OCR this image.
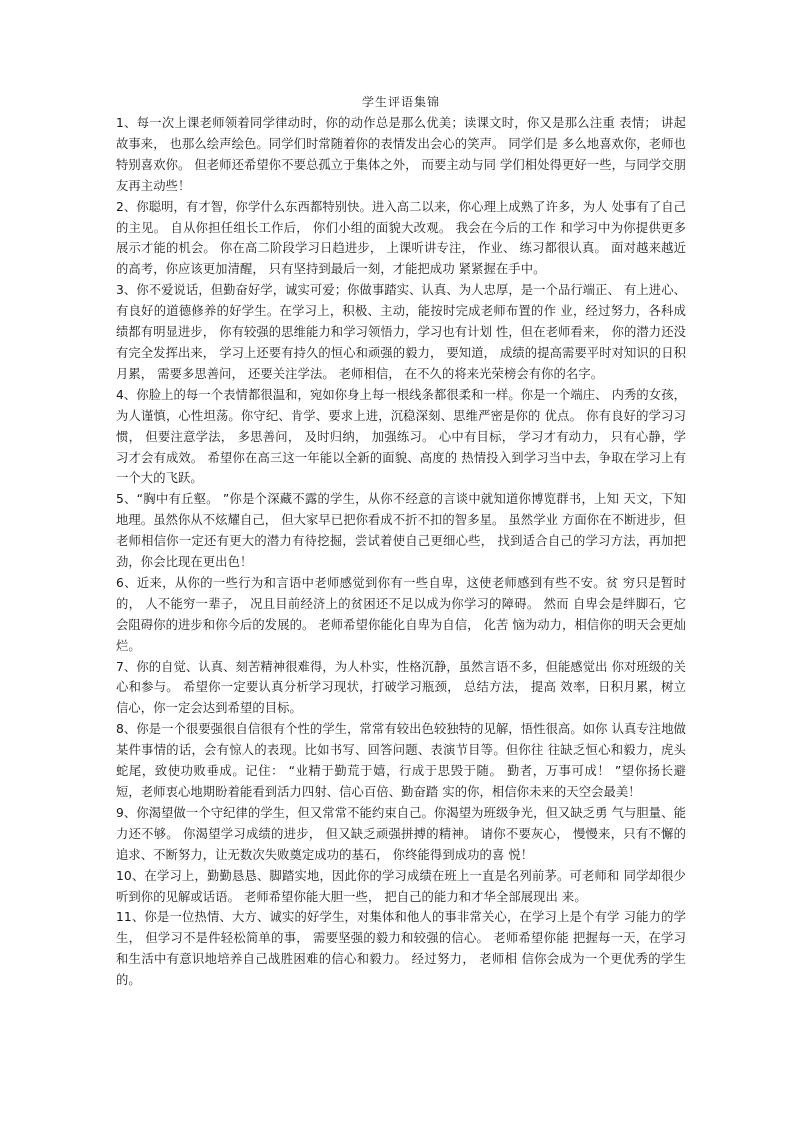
学生评语集锦

1、每一次上课老师领着同学律动时，你的动作总是那么优美；读课文时，你又是那么注重 表情； 讲起故事来， 也那么绘声绘色。同学们时常随着你的表情发出会心的笑声。 同学们是 多么地喜欢你，老师也特别喜欢你。 但老师还希望你不要总孤立于集体之外， 而要主动与同 学们相处得更好一些，与同学交朋友再主动些！

2、你聪明，有才智，你学什么东西都特别快。进入高二以来，你心理上成熟了许多，为人 处事有了自己的主见。 自从你担任组长工作后， 你们小组的面貌大改观。 我会在今后的工作 和学习中为你提供更多展示才能的机会。 你在高二阶段学习日趋进步， 上课听讲专注， 作业、 练习都很认真。 面对越来越近的高考，你应该更加清醒， 只有坚持到最后一刻，才能把成功 紧紧握在手中。

3、你不爱说话，但勤奋好学，诚实可爱；你做事踏实、认真、为人忠厚，是一个品行端正、 有上进心、有良好的道德修养的好学生。在学习上，积极、主动，能按时完成老师布置的作 业，经过努力，各科成绩都有明显进步， 你有较强的思维能力和学习领悟力，学习也有计划 性，但在老师看来， 你的潜力还没有完全发挥出来， 学习上还要有持久的恒心和顽强的毅力， 要知道， 成绩的提高需要平时对知识的日积月累， 需要多思善问， 还要关注学法。 老师相信， 在不久的将来光荣榜会有你的名字。

4、你脸上的每一个表情都很温和，宛如你身上每一根线条都很柔和一样。你是一个端庄、 内秀的女孩，为人谨慎，心性坦荡。你守纪、肯学、要求上进，沉稳深刻、思维严密是你的 优点。 你有良好的学习习惯， 但要注意学法， 多思善问， 及时归纳， 加强练习。 心中有目标， 学习才有动力， 只有心静，学习才会有成效。 希望你在高三这一年能以全新的面貌、高度的 热情投入到学习当中去，争取在学习上有一个大的飞跃。

5、“胸中有丘壑。 ”你是个深藏不露的学生，从你不经意的言谈中就知道你博览群书，上知 天文，下知地理。虽然你从不炫耀自己， 但大家早已把你看成不折不扣的智多星。 虽然学业 方面你在不断进步，但老师相信你一定还有更大的潜力有待挖掘，尝试着使自己更细心些， 找到适合自己的学习方法，再加把劲，你会比现在更出色！

6、近来，从你的一些行为和言语中老师感觉到你有一些自卑，这使老师感到有些不安。贫 穷只是暂时的， 人不能穷一辈子， 况且目前经济上的贫困还不足以成为你学习的障碍。 然而 自卑会是绊脚石，它会阻碍你的进步和你今后的发展的。 老师希望你能化自卑为自信， 化苦 恼为动力，相信你的明天会更灿烂。

7、你的自觉、认真、刻苦精神很难得，为人朴实，性格沉静，虽然言语不多，但能感觉出 你对班级的关心和参与。 希望你一定要认真分析学习现状，打破学习瓶颈， 总结方法， 提高 效率，日积月累，树立信心，你一定会达到希望的目标。

8、你是一个很要强很自信很有个性的学生，常常有较出色较独特的见解，悟性很高。如你 认真专注地做某件事情的话，会有惊人的表现。比如书写、回答问题、表演节目等。但你往 往缺乏恒心和毅力，虎头蛇尾，致使功败垂成。记住： “业精于勤荒于嬉，行成于思毁于随。 勤者，万事可成！ ”望你扬长避短，老师衷心地期盼着能看到活力四射、信心百倍、勤奋踏 实的你，相信你未来的天空会最美！

9、你渴望做一个守纪律的学生，但又常常不能约束自己。你渴望为班级争光，但又缺乏勇 气与胆量、能力还不够。 你渴望学习成绩的进步， 但又缺乏顽强拼搏的精神。 请你不要灰心， 慢慢来，只有不懈的追求、不断努力，让无数次失败奠定成功的基石， 你终能得到成功的喜 悦！

10、在学习上，勤勤恳恳、脚踏实地，因此你的学习成绩在班上一直是名列前茅。可老师和 同学却很少听到你的见解或话语。 老师希望你能大胆一些， 把自己的能力和才华全部展现出 来。

11、你是一位热情、大方、诚实的好学生，对集体和他人的事非常关心，在学习上是个有学 习能力的学生， 但学习不是件轻松简单的事， 需要坚强的毅力和较强的信心。 老师希望你能 把握每一天，在学习和生活中有意识地培养自己战胜困难的信心和毅力。 经过努力， 老师相 信你会成为一个更优秀的学生的。
